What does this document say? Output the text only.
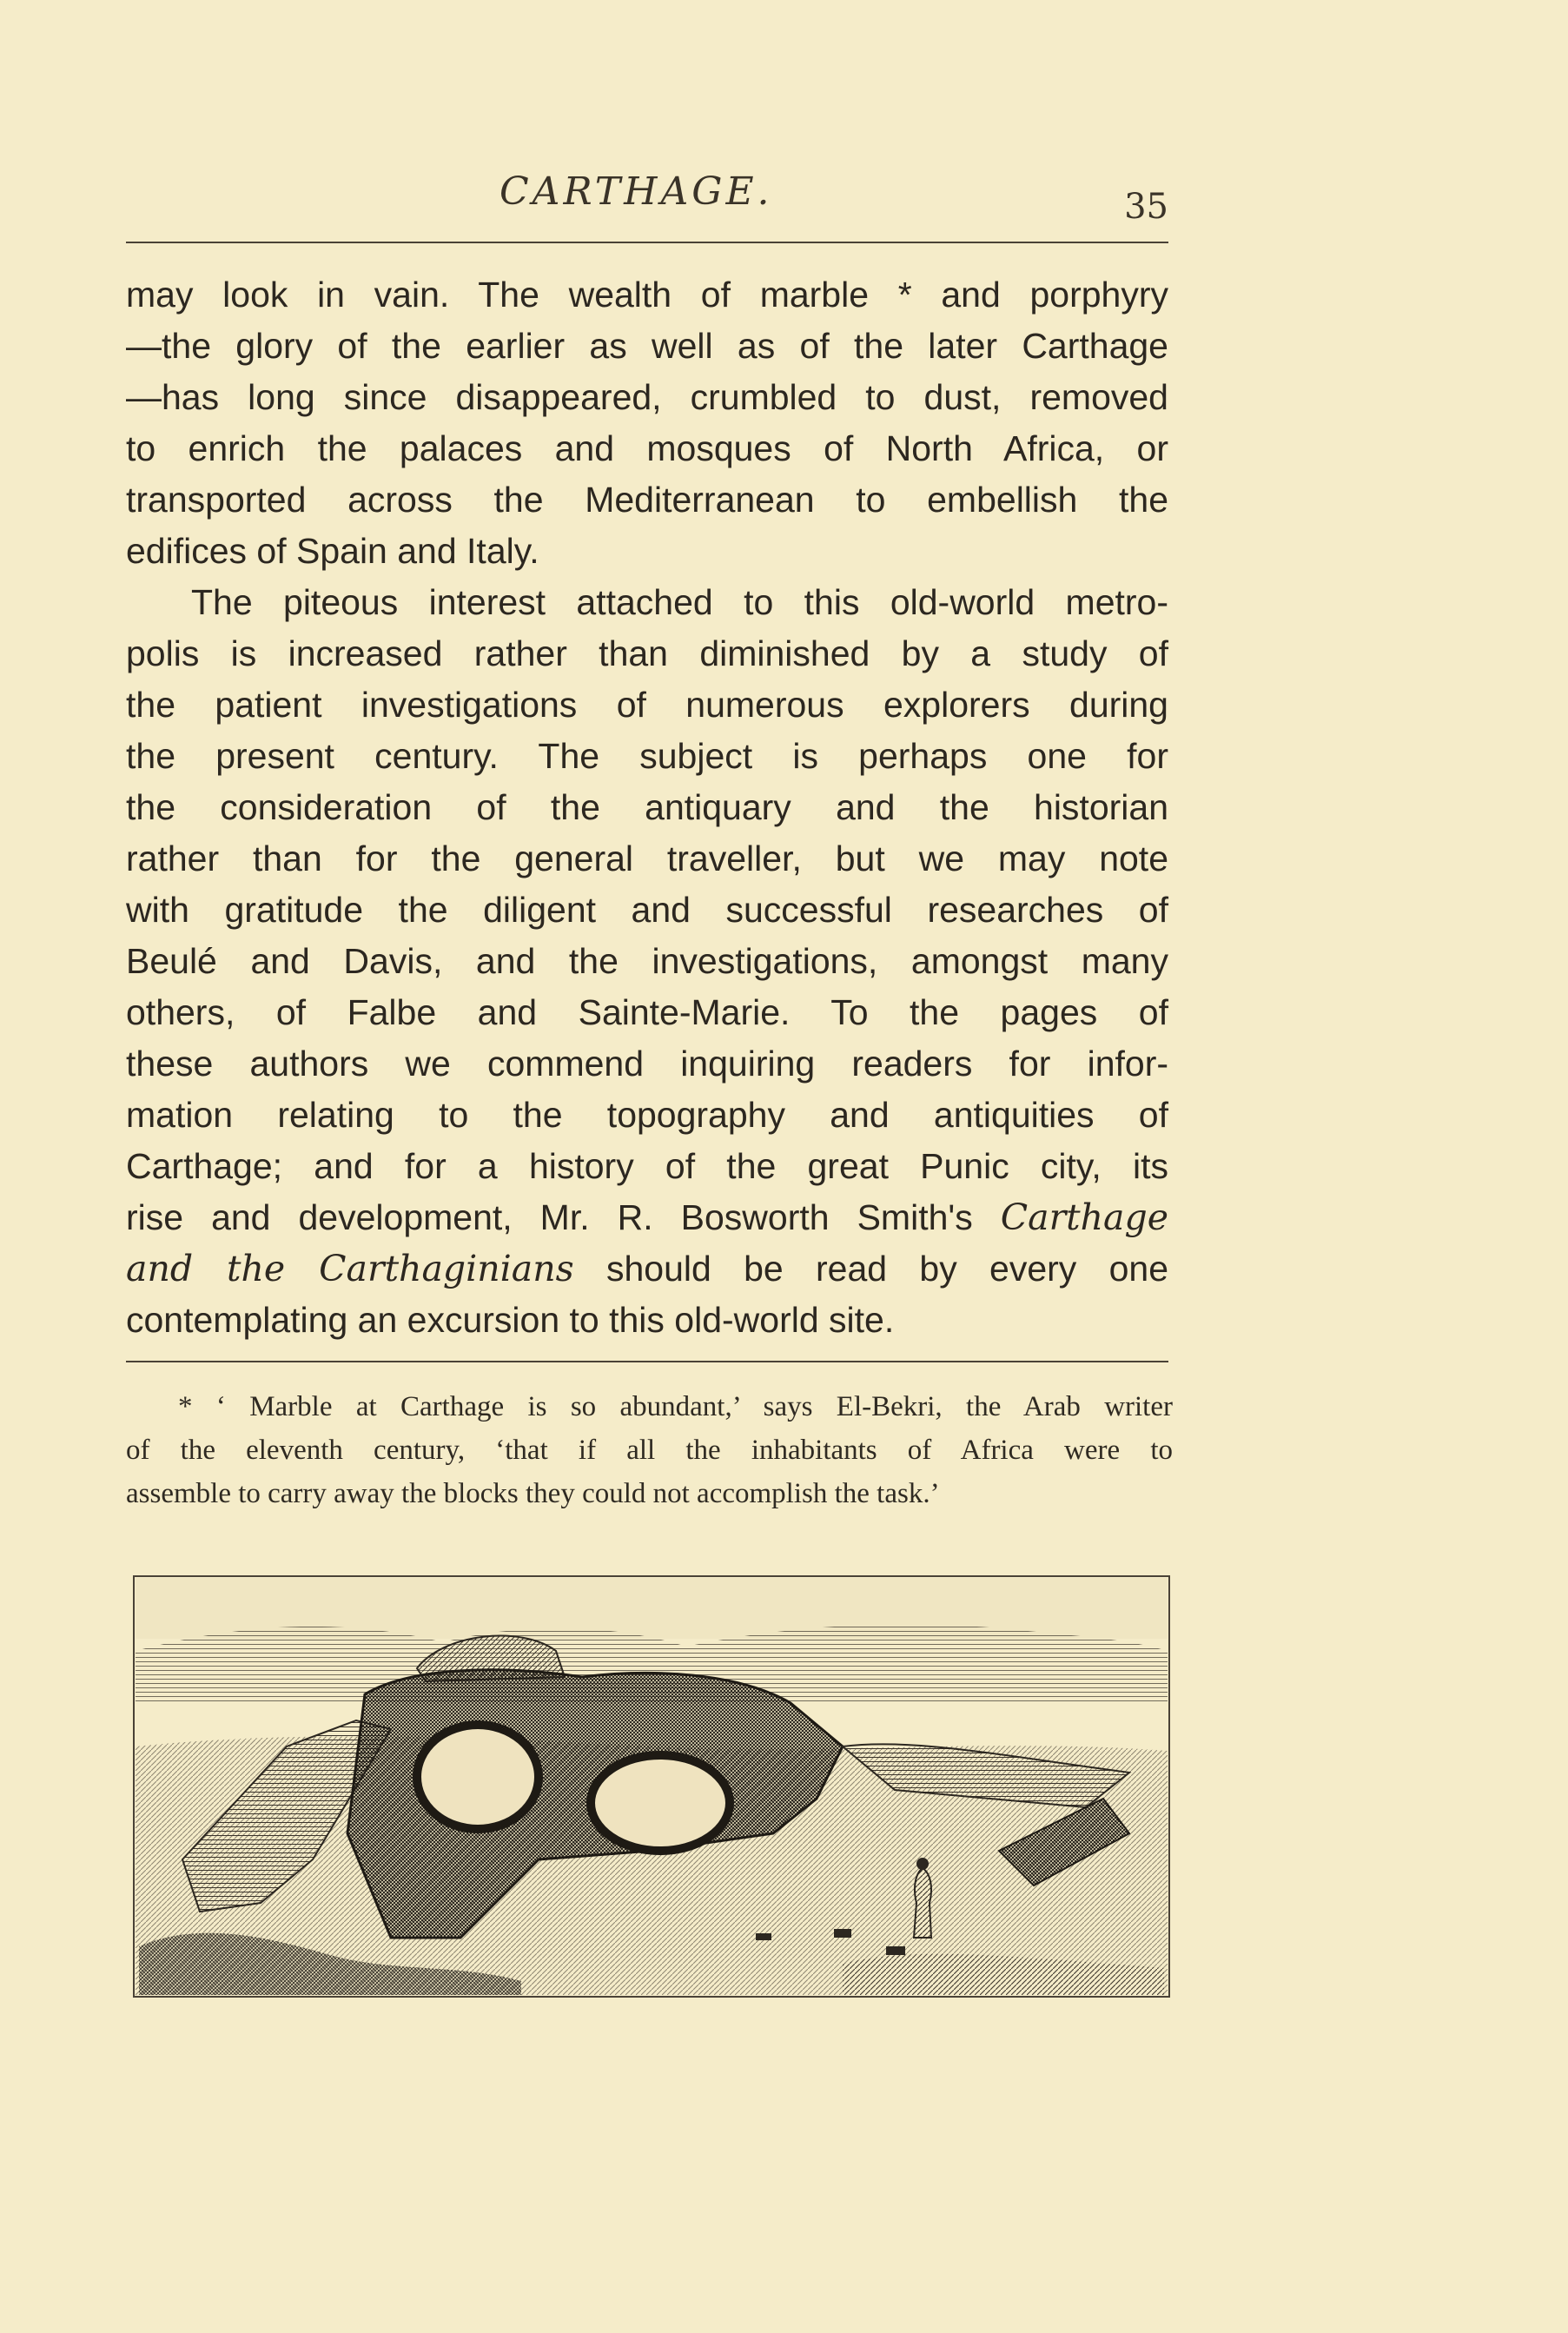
CARTHAGE.	35

may look in vain. The wealth of marble * and porphyry
—the glory of the earlier as well as of the later Carthage
—has long since disappeared, crumbled to dust, removed
to enrich the palaces and mosques of North Africa, or
transported across the Mediterranean to embellish the
edifices of Spain and Italy.

The piteous interest attached to this old-world metro-
polis is increased rather than diminished by a study of
the patient investigations of numerous explorers during
the present century. The subject is perhaps one for
the consideration of the antiquary and the historian
rather than for the general traveller, but we may note
with gratitude the diligent and successful researches of
Beulé and Davis, and the investigations, amongst many
others, of Falbe and Sainte-Marie. To the pages of
these authors we commend inquiring readers for infor-
mation relating to the topography and antiquities of
Carthage; and for a history of the great Punic city, its
rise and development, Mr. R. Bosworth Smith's Carthage
and the Carthaginians should be read by every one
contemplating an excursion to this old-world site.

* ‘ Marble at Carthage is so abundant,’ says El-Bekri, the Arab writer
of the eleventh century, ‘that if all the inhabitants of Africa were to
assemble to carry away the blocks they could not accomplish the task.’
